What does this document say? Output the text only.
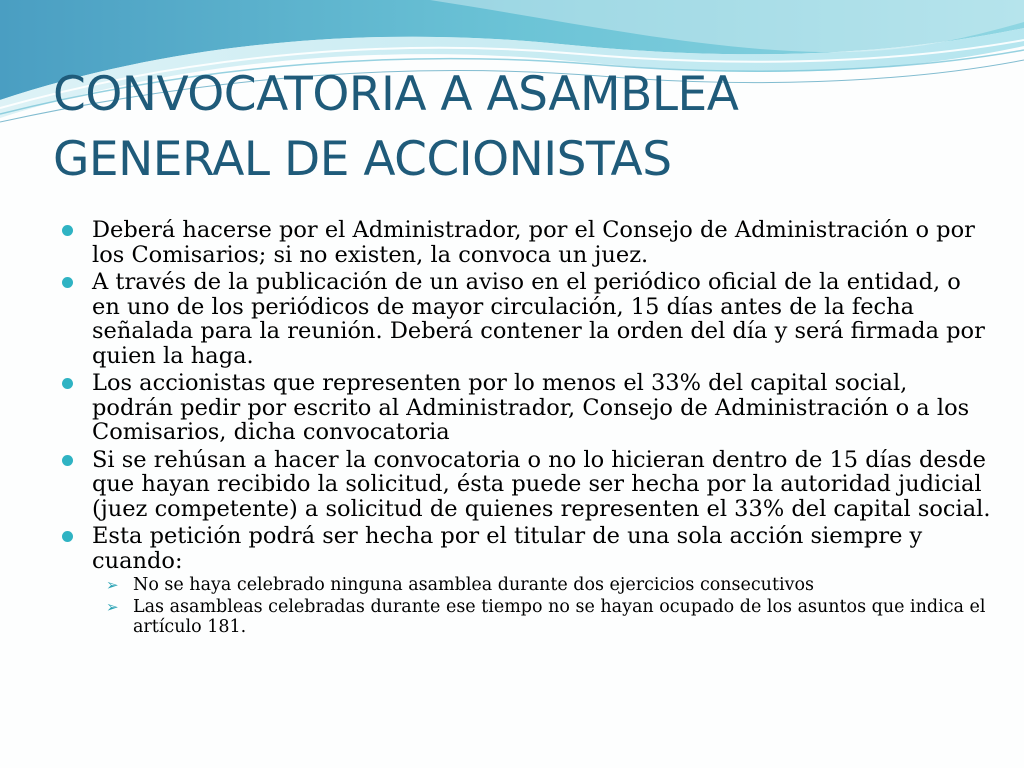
CONVOCATORIA A ASAMBLEA
GENERAL DE ACCIONISTAS
Deberá hacerse por el Administrador, por el Consejo de Administración o por los Comisarios; si no existen, la convoca un juez.
A través de la publicación de un aviso en el periódico oficial de la entidad, o en uno de los periódicos de mayor circulación, 15 días antes de la fecha señalada para la reunión. Deberá contener la orden del día y será firmada por quien la haga.
Los accionistas que representen por lo menos el 33% del capital social, podrán pedir por escrito al Administrador, Consejo de Administración o a los Comisarios, dicha convocatoria
Si se rehúsan a hacer la convocatoria o no lo hicieran dentro de 15 días desde que hayan recibido la solicitud, ésta puede ser hecha por la autoridad judicial (juez competente) a solicitud de quienes representen el 33% del capital social.
Esta petición podrá ser hecha por el titular de una sola acción siempre y cuando:
➢ No se haya celebrado ninguna asamblea durante dos ejercicios consecutivos
➢ Las asambleas celebradas durante ese tiempo no se hayan ocupado de los asuntos que indica el artículo 181.
